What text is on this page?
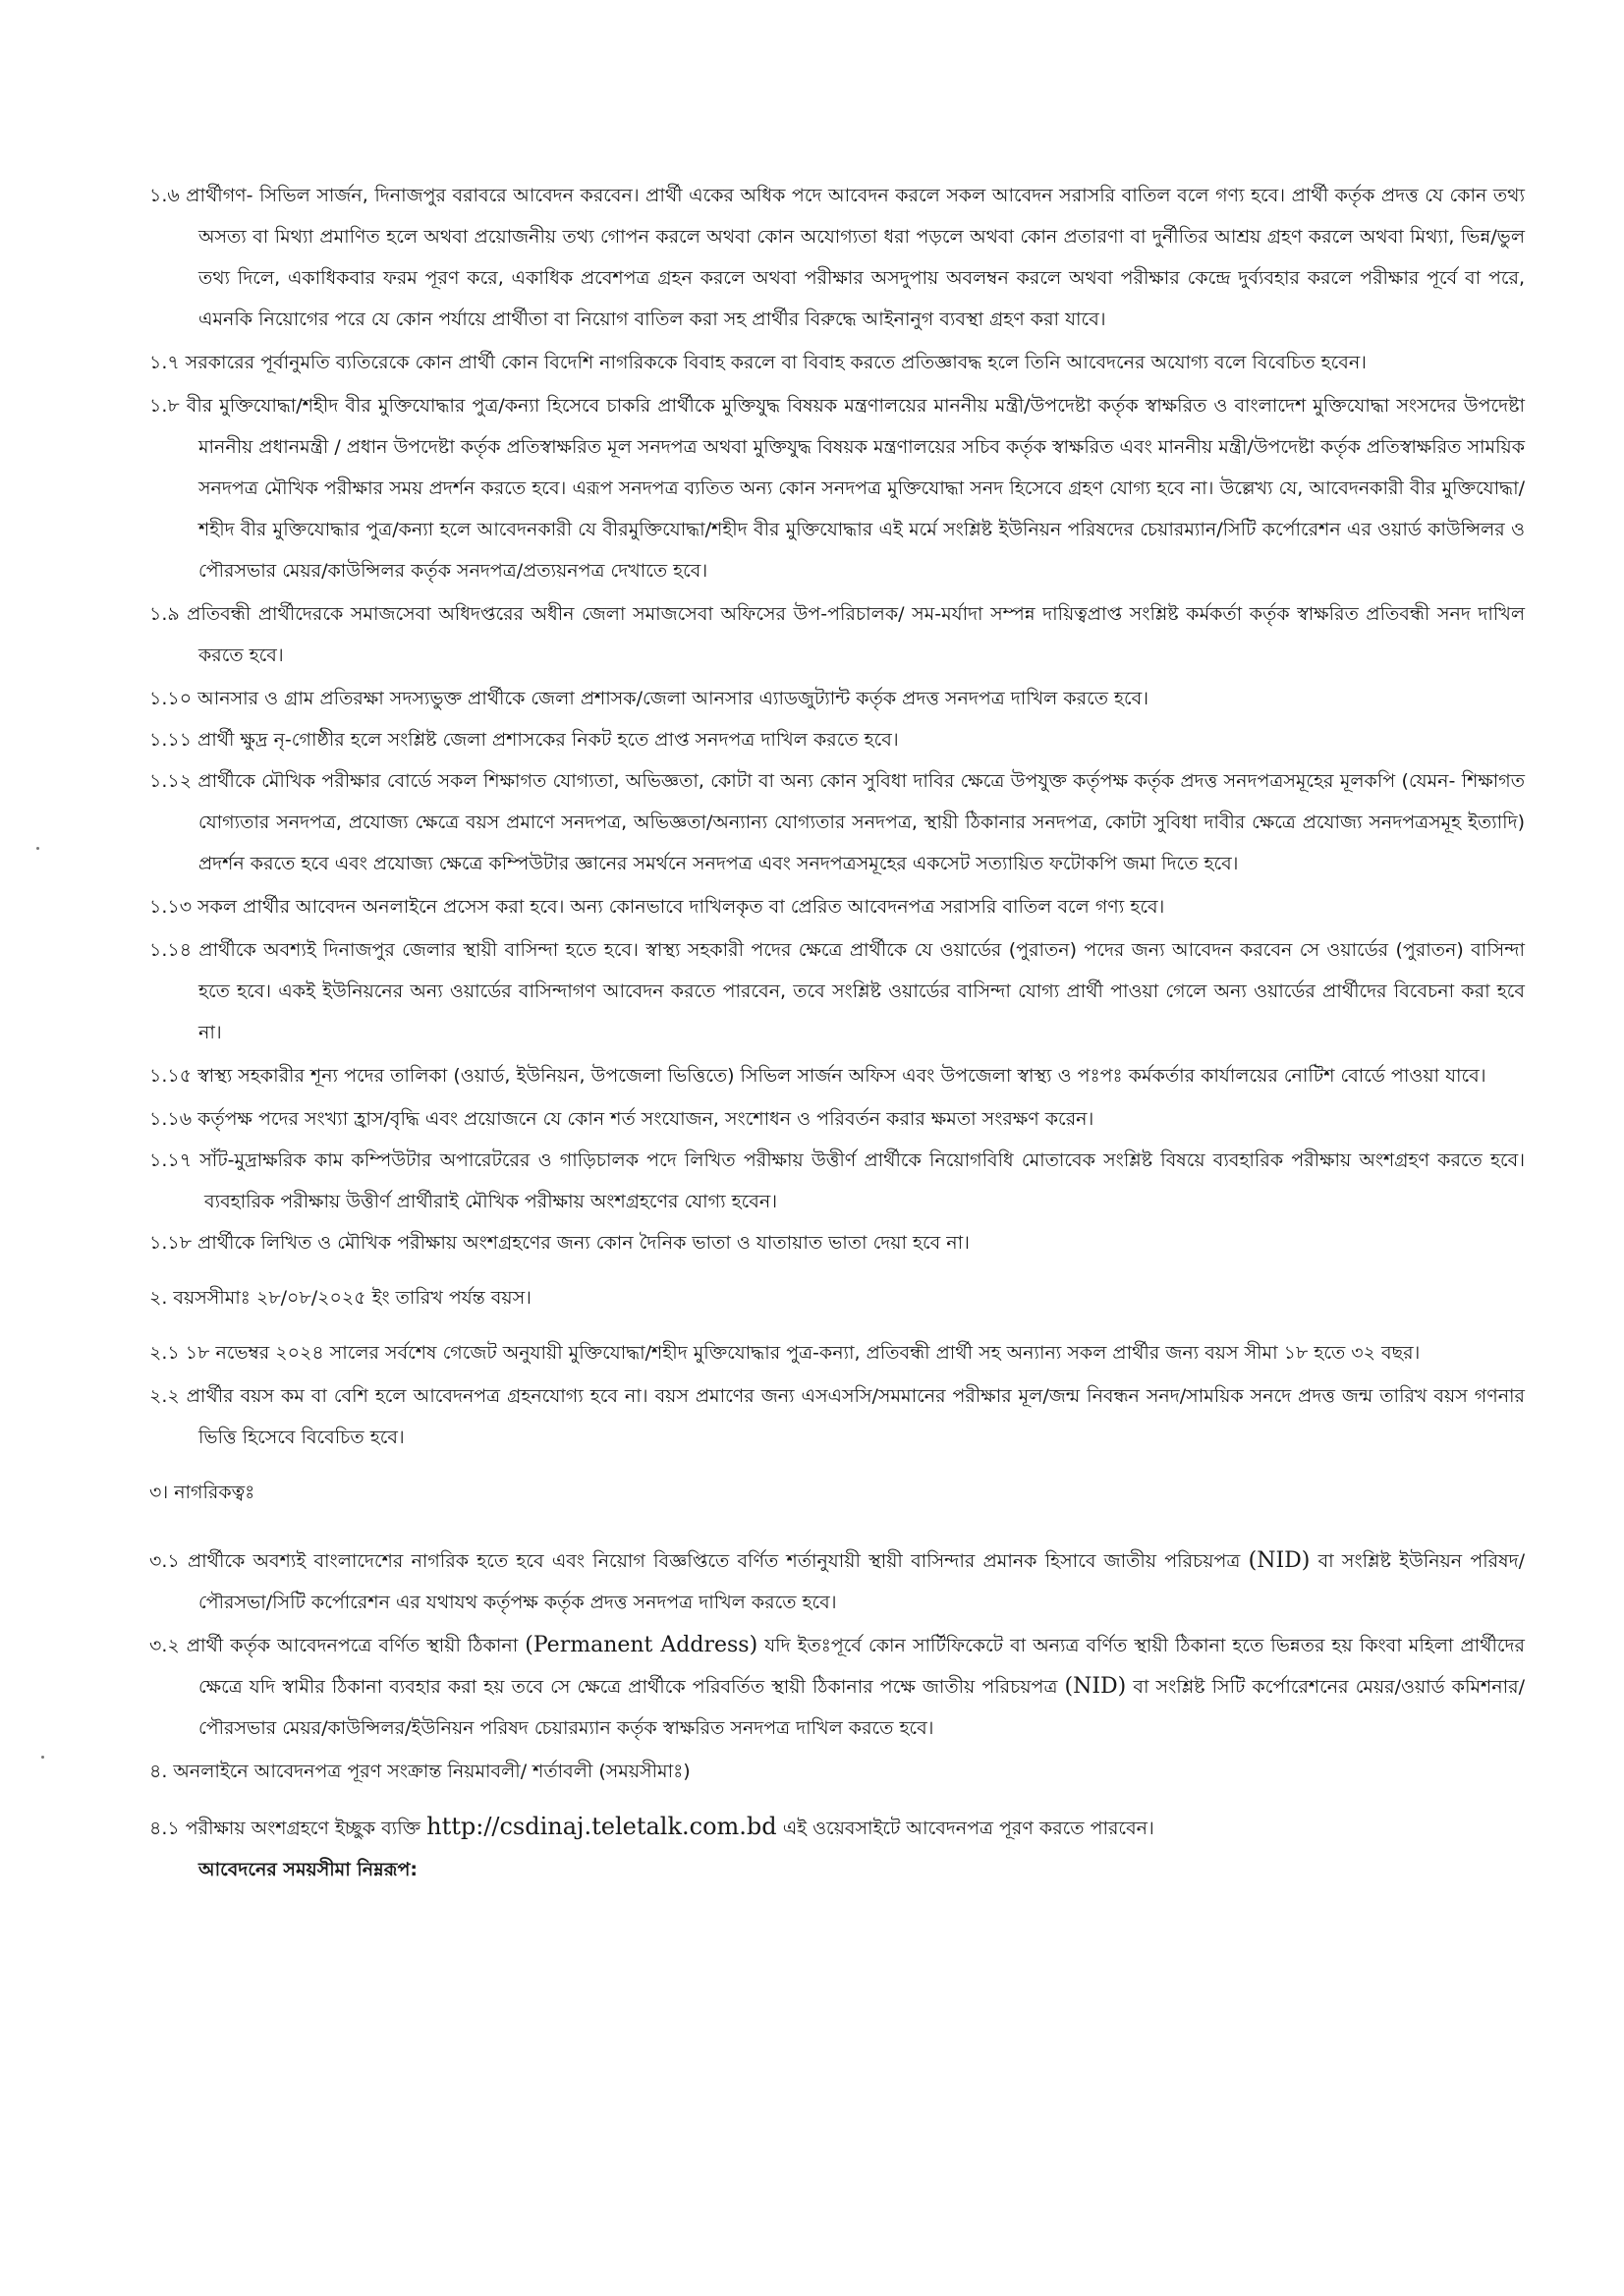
১.৬ প্রার্থীগণ- সিভিল সার্জন, দিনাজপুর বরাবরে আবেদন করবেন। প্রার্থী একের অধিক পদে আবেদন করলে সকল আবেদন সরাসরি বাতিল বলে গণ্য হবে। প্রার্থী কর্তৃক প্রদত্ত যে কোন তথ্য অসত্য বা মিথ্যা প্রমাণিত হলে অথবা প্রয়োজনীয় তথ্য গোপন করলে অথবা কোন অযোগ্যতা ধরা পড়লে অথবা কোন প্রতারণা বা দুর্নীতির আশ্রয় গ্রহণ করলে অথবা মিথ্যা, ভিন্ন/ভুল তথ্য দিলে, একাধিকবার ফরম পূরণ করে, একাধিক প্রবেশপত্র গ্রহন করলে অথবা পরীক্ষার অসদুপায় অবলম্বন করলে অথবা পরীক্ষার কেন্দ্রে দুর্ব্যবহার করলে পরীক্ষার পূর্বে বা পরে, এমনকি নিয়োগের পরে যে কোন পর্যায়ে প্রার্থীতা বা নিয়োগ বাতিল করা সহ প্রার্থীর বিরুদ্ধে আইনানুগ ব্যবস্থা গ্রহণ করা যাবে।

১.৭ সরকারের পূর্বানুমতি ব্যতিরেকে কোন প্রার্থী কোন বিদেশি নাগরিককে বিবাহ করলে বা বিবাহ করতে প্রতিজ্ঞাবদ্ধ হলে তিনি আবেদনের অযোগ্য বলে বিবেচিত হবেন।

১.৮ বীর মুক্তিযোদ্ধা/শহীদ বীর মুক্তিযোদ্ধার পুত্র/কন্যা হিসেবে চাকরি প্রার্থীকে মুক্তিযুদ্ধ বিষয়ক মন্ত্রণালয়ের মাননীয় মন্ত্রী/উপদেষ্টা কর্তৃক স্বাক্ষরিত ও বাংলাদেশ মুক্তিযোদ্ধা সংসদের উপদেষ্টা মাননীয় প্রধানমন্ত্রী / প্রধান উপদেষ্টা কর্তৃক প্রতিস্বাক্ষরিত মূল সনদপত্র অথবা মুক্তিযুদ্ধ বিষয়ক মন্ত্রণালয়ের সচিব কর্তৃক স্বাক্ষরিত এবং মাননীয় মন্ত্রী/উপদেষ্টা কর্তৃক প্রতিস্বাক্ষরিত সাময়িক সনদপত্র মৌখিক পরীক্ষার সময় প্রদর্শন করতে হবে। এরূপ সনদপত্র ব্যতিত অন্য কোন সনদপত্র মুক্তিযোদ্ধা সনদ হিসেবে গ্রহণ যোগ্য হবে না। উল্লেখ্য যে, আবেদনকারী বীর মুক্তিযোদ্ধা/শহীদ বীর মুক্তিযোদ্ধার পুত্র/কন্যা হলে আবেদনকারী যে বীরমুক্তিযোদ্ধা/শহীদ বীর মুক্তিযোদ্ধার এই মর্মে সংশ্লিষ্ট ইউনিয়ন পরিষদের চেয়ারম্যান/সিটি কর্পোরেশন এর ওয়ার্ড কাউন্সিলর ও পৌরসভার মেয়র/কাউন্সিলর কর্তৃক সনদপত্র/প্রত্যয়নপত্র দেখাতে হবে।

১.৯ প্রতিবন্ধী প্রার্থীদেরকে সমাজসেবা অধিদপ্তরের অধীন জেলা সমাজসেবা অফিসের উপ-পরিচালক/ সম-মর্যাদা সম্পন্ন দায়িত্বপ্রাপ্ত সংশ্লিষ্ট কর্মকর্তা কর্তৃক স্বাক্ষরিত প্রতিবন্ধী সনদ দাখিল করতে হবে।

১.১০ আনসার ও গ্রাম প্রতিরক্ষা সদস্যভুক্ত প্রার্থীকে জেলা প্রশাসক/জেলা আনসার এ্যাডজুট্যান্ট কর্তৃক প্রদত্ত সনদপত্র দাখিল করতে হবে।

১.১১ প্রার্থী ক্ষুদ্র নৃ-গোষ্ঠীর হলে সংশ্লিষ্ট জেলা প্রশাসকের নিকট হতে প্রাপ্ত সনদপত্র দাখিল করতে হবে।

১.১২ প্রার্থীকে মৌখিক পরীক্ষার বোর্ডে সকল শিক্ষাগত যোগ্যতা, অভিজ্ঞতা, কোটা বা অন্য কোন সুবিধা দাবির ক্ষেত্রে উপযুক্ত কর্তৃপক্ষ কর্তৃক প্রদত্ত সনদপত্রসমূহের মূলকপি (যেমন- শিক্ষাগত যোগ্যতার সনদপত্র, প্রযোজ্য ক্ষেত্রে বয়স প্রমাণে সনদপত্র, অভিজ্ঞতা/অন্যান্য যোগ্যতার সনদপত্র, স্থায়ী ঠিকানার সনদপত্র, কোটা সুবিধা দাবীর ক্ষেত্রে প্রযোজ্য সনদপত্রসমূহ ইত্যাদি) প্রদর্শন করতে হবে এবং প্রযোজ্য ক্ষেত্রে কম্পিউটার জ্ঞানের সমর্থনে সনদপত্র এবং সনদপত্রসমূহের একসেট সত্যায়িত ফটোকপি জমা দিতে হবে।

১.১৩ সকল প্রার্থীর আবেদন অনলাইনে প্রসেস করা হবে। অন্য কোনভাবে দাখিলকৃত বা প্রেরিত আবেদনপত্র সরাসরি বাতিল বলে গণ্য হবে।

১.১৪ প্রার্থীকে অবশ্যই দিনাজপুর জেলার স্থায়ী বাসিন্দা হতে হবে। স্বাস্থ্য সহকারী পদের ক্ষেত্রে প্রার্থীকে যে ওয়ার্ডের (পুরাতন) পদের জন্য আবেদন করবেন সে ওয়ার্ডের (পুরাতন) বাসিন্দা হতে হবে। একই ইউনিয়নের অন্য ওয়ার্ডের বাসিন্দাগণ আবেদন করতে পারবেন, তবে সংশ্লিষ্ট ওয়ার্ডের বাসিন্দা যোগ্য প্রার্থী পাওয়া গেলে অন্য ওয়ার্ডের প্রার্থীদের বিবেচনা করা হবে না।

১.১৫ স্বাস্থ্য সহকারীর শূন্য পদের তালিকা (ওয়ার্ড, ইউনিয়ন, উপজেলা ভিত্তিতে) সিভিল সার্জন অফিস এবং উপজেলা স্বাস্থ্য ও পঃপঃ কর্মকর্তার কার্যালয়ের নোটিশ বোর্ডে পাওয়া যাবে।

১.১৬ কর্তৃপক্ষ পদের সংখ্যা হ্রাস/বৃদ্ধি এবং প্রয়োজনে যে কোন শর্ত সংযোজন, সংশোধন ও পরিবর্তন করার ক্ষমতা সংরক্ষণ করেন।

১.১৭ সাঁট-মুদ্রাক্ষরিক কাম কম্পিউটার অপারেটরের ও গাড়িচালক পদে লিখিত পরীক্ষায় উত্তীর্ণ প্রার্থীকে নিয়োগবিধি মোতাবেক সংশ্লিষ্ট বিষয়ে ব্যবহারিক পরীক্ষায় অংশগ্রহণ করতে হবে। ব্যবহারিক পরীক্ষায় উত্তীর্ণ প্রার্থীরাই মৌখিক পরীক্ষায় অংশগ্রহণের যোগ্য হবেন।

১.১৮ প্রার্থীকে লিখিত ও মৌখিক পরীক্ষায় অংশগ্রহণের জন্য কোন দৈনিক ভাতা ও যাতায়াত ভাতা দেয়া হবে না।

২. বয়সসীমাঃ ২৮/০৮/২০২৫ ইং তারিখ পর্যন্ত বয়স।

২.১ ১৮ নভেম্বর ২০২৪ সালের সর্বশেষ গেজেট অনুযায়ী মুক্তিযোদ্ধা/শহীদ মুক্তিযোদ্ধার পুত্র-কন্যা, প্রতিবন্ধী প্রার্থী সহ অন্যান্য সকল প্রার্থীর জন্য বয়স সীমা ১৮ হতে ৩২ বছর।

২.২ প্রার্থীর বয়স কম বা বেশি হলে আবেদনপত্র গ্রহনযোগ্য হবে না। বয়স প্রমাণের জন্য এসএসসি/সমমানের পরীক্ষার মূল/জন্ম নিবন্ধন সনদ/সাময়িক সনদে প্রদত্ত জন্ম তারিখ বয়স গণনার ভিত্তি হিসেবে বিবেচিত হবে।

৩। নাগরিকত্বঃ

৩.১ প্রার্থীকে অবশ্যই বাংলাদেশের নাগরিক হতে হবে এবং নিয়োগ বিজ্ঞপ্তিতে বর্ণিত শর্তানুযায়ী স্থায়ী বাসিন্দার প্রমানক হিসাবে জাতীয় পরিচয়পত্র (NID) বা সংশ্লিষ্ট ইউনিয়ন পরিষদ/পৌরসভা/সিটি কর্পোরেশন এর যথাযথ কর্তৃপক্ষ কর্তৃক প্রদত্ত সনদপত্র দাখিল করতে হবে।

৩.২ প্রার্থী কর্তৃক আবেদনপত্রে বর্ণিত স্থায়ী ঠিকানা (Permanent Address) যদি ইতঃপূর্বে কোন সার্টিফিকেটে বা অন্যত্র বর্ণিত স্থায়ী ঠিকানা হতে ভিন্নতর হয় কিংবা মহিলা প্রার্থীদের ক্ষেত্রে যদি স্বামীর ঠিকানা ব্যবহার করা হয় তবে সে ক্ষেত্রে প্রার্থীকে পরিবর্তিত স্থায়ী ঠিকানার পক্ষে জাতীয় পরিচয়পত্র (NID) বা সংশ্লিষ্ট সিটি কর্পোরেশনের মেয়র/ওয়ার্ড কমিশনার/পৌরসভার মেয়র/কাউন্সিলর/ইউনিয়ন পরিষদ চেয়ারম্যান কর্তৃক স্বাক্ষরিত সনদপত্র দাখিল করতে হবে।

৪. অনলাইনে আবেদনপত্র পূরণ সংক্রান্ত নিয়মাবলী/ শর্তাবলী (সময়সীমাঃ)

৪.১ পরীক্ষায় অংশগ্রহণে ইচ্ছুক ব্যক্তি http://csdinaj.teletalk.com.bd এই ওয়েবসাইটে আবেদনপত্র পূরণ করতে পারবেন।

আবেদনের সময়সীমা নিম্নরূপ:
